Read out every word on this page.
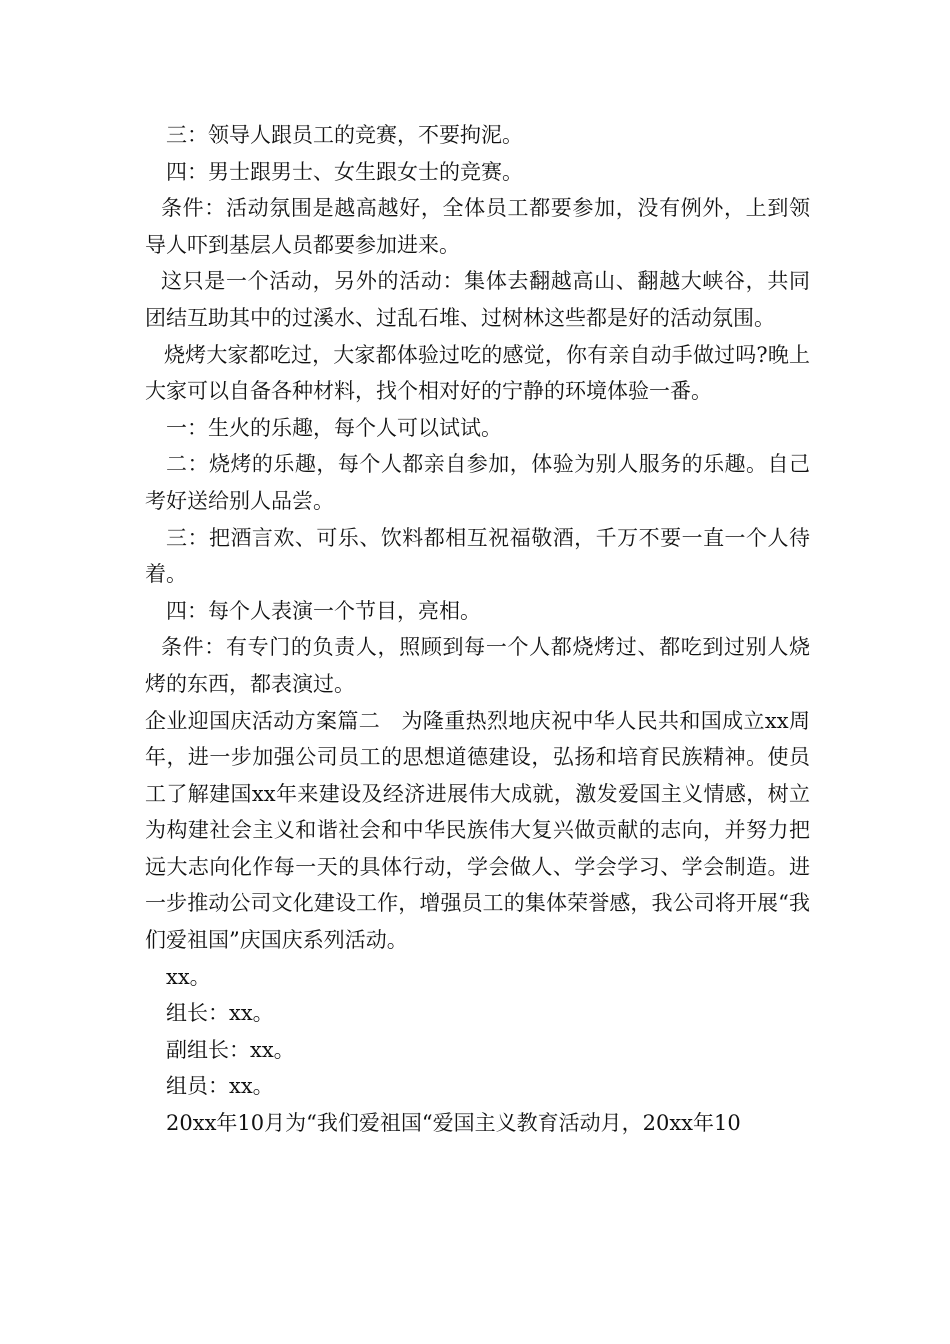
三：领导人跟员工的竞赛，不要拘泥。

四：男士跟男士、女生跟女士的竞赛。

条件：活动氛围是越高越好，全体员工都要参加，没有例外，上到领导人吓到基层人员都要参加进来。

这只是一个活动，另外的活动：集体去翻越高山、翻越大峡谷，共同团结互助其中的过溪水、过乱石堆、过树林这些都是好的活动氛围。

烧烤大家都吃过，大家都体验过吃的感觉，你有亲自动手做过吗?晚上大家可以自备各种材料，找个相对好的宁静的环境体验一番。

一：生火的乐趣，每个人可以试试。

二：烧烤的乐趣，每个人都亲自参加，体验为别人服务的乐趣。自己考好送给别人品尝。

三：把酒言欢、可乐、饮料都相互祝福敬酒，千万不要一直一个人待着。

四：每个人表演一个节目，亮相。

条件：有专门的负责人，照顾到每一个人都烧烤过、都吃到过别人烧烤的东西，都表演过。

企业迎国庆活动方案篇二　为隆重热烈地庆祝中华人民共和国成立xx周年，进一步加强公司员工的思想道德建设，弘扬和培育民族精神。使员工了解建国xx年来建设及经济进展伟大成就，激发爱国主义情感，树立为构建社会主义和谐社会和中华民族伟大复兴做贡献的志向，并努力把远大志向化作每一天的具体行动，学会做人、学会学习、学会制造。进一步推动公司文化建设工作，增强员工的集体荣誉感，我公司将开展“我们爱祖国”庆国庆系列活动。

xx。

组长：xx。

副组长：xx。

组员：xx。

20xx年10月为“我们爱祖国“爱国主义教育活动月，20xx年10
